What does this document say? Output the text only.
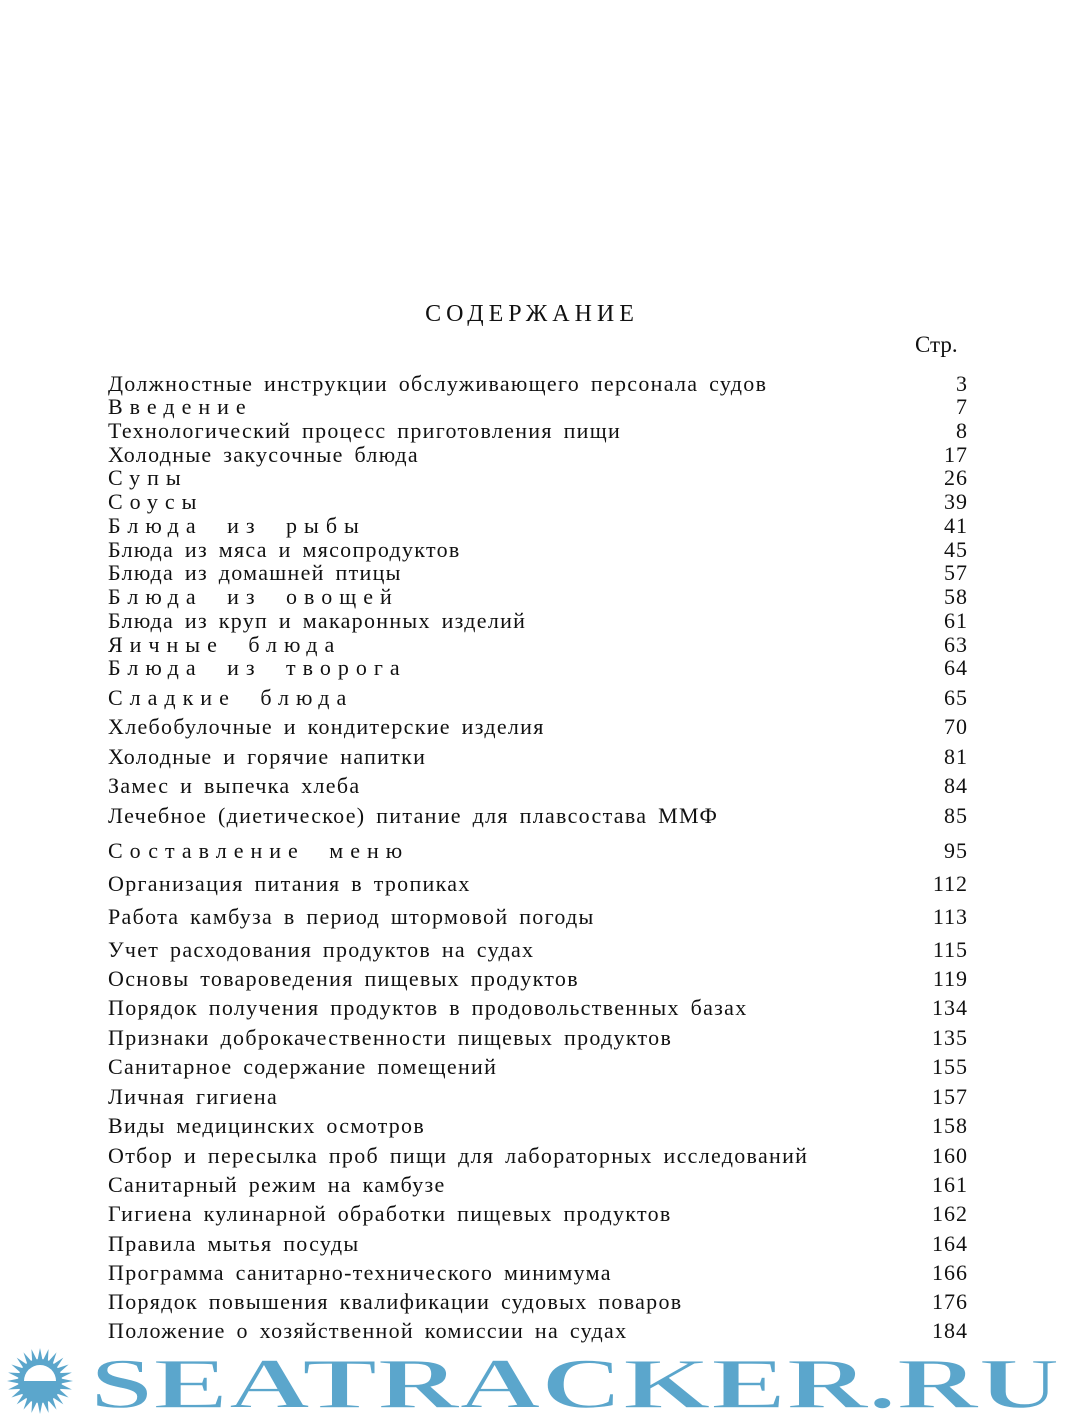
СОДЕРЖАНИЕ
Стр.
Должностные инструкции обслуживающего персонала судов	3
Введение	7
Технологический процесс приготовления пищи	8
Холодные закусочные блюда	17
Супы	26
Соусы	39
Блюда из рыбы	41
Блюда из мяса и мясопродуктов	45
Блюда из домашней птицы	57
Блюда из овощей	58
Блюда из круп и макаронных изделий	61
Яичные блюда	63
Блюда из творога	64
Сладкие блюда	65
Хлебобулочные и кондитерские изделия	70
Холодные и горячие напитки	81
Замес и выпечка хлеба	84
Лечебное (диетическое) питание для плавсостава ММФ	85
Составление меню	95
Организация питания в тропиках	112
Работа камбуза в период штормовой погоды	113
Учет расходования продуктов на судах	115
Основы товароведения пищевых продуктов	119
Порядок получения продуктов в продовольственных базах	134
Признаки доброкачественности пищевых продуктов	135
Санитарное содержание помещений	155
Личная гигиена	157
Виды медицинских осмотров	158
Отбор и пересылка проб пищи для лабораторных исследований	160
Санитарный режим на камбузе	161
Гигиена кулинарной обработки пищевых продуктов	162
Правила мытья посуды	164
Программа санитарно-технического минимума	166
Порядок повышения квалификации судовых поваров	176
Положение о хозяйственной комиссии на судах	184
SEATRACKER.RU
